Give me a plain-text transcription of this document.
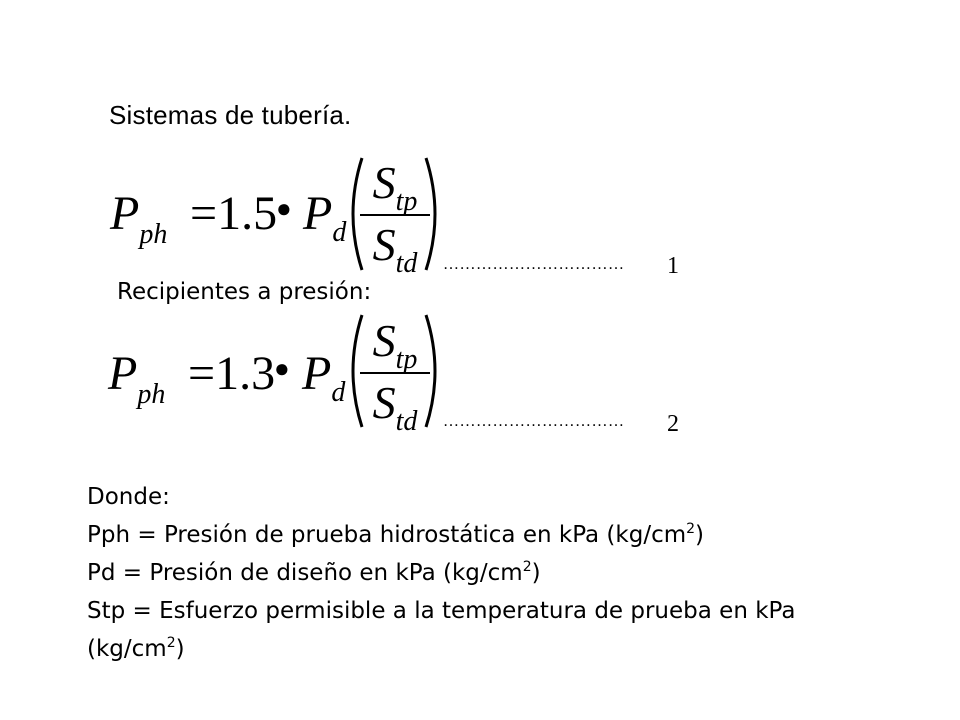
Sistemas de tubería.
$P_{ph} =1.5$
● $P_d$
$S_{tp}$
$S_{td}$	…………………………… 1
Recipientes a presión:
$P_{ph} =1.3$
● $P_d$
$S_{tp}$
$S_{td}$	…………………………… 2
Donde:
Pph = Presión de prueba hidrostática en kPa $(kg/cm^2)$
Pd = Presión de diseño en kPa $(kg/cm^2)$
Stp = Esfuerzo permisible a la temperatura de prueba en kPa
$(kg/cm^2)$
